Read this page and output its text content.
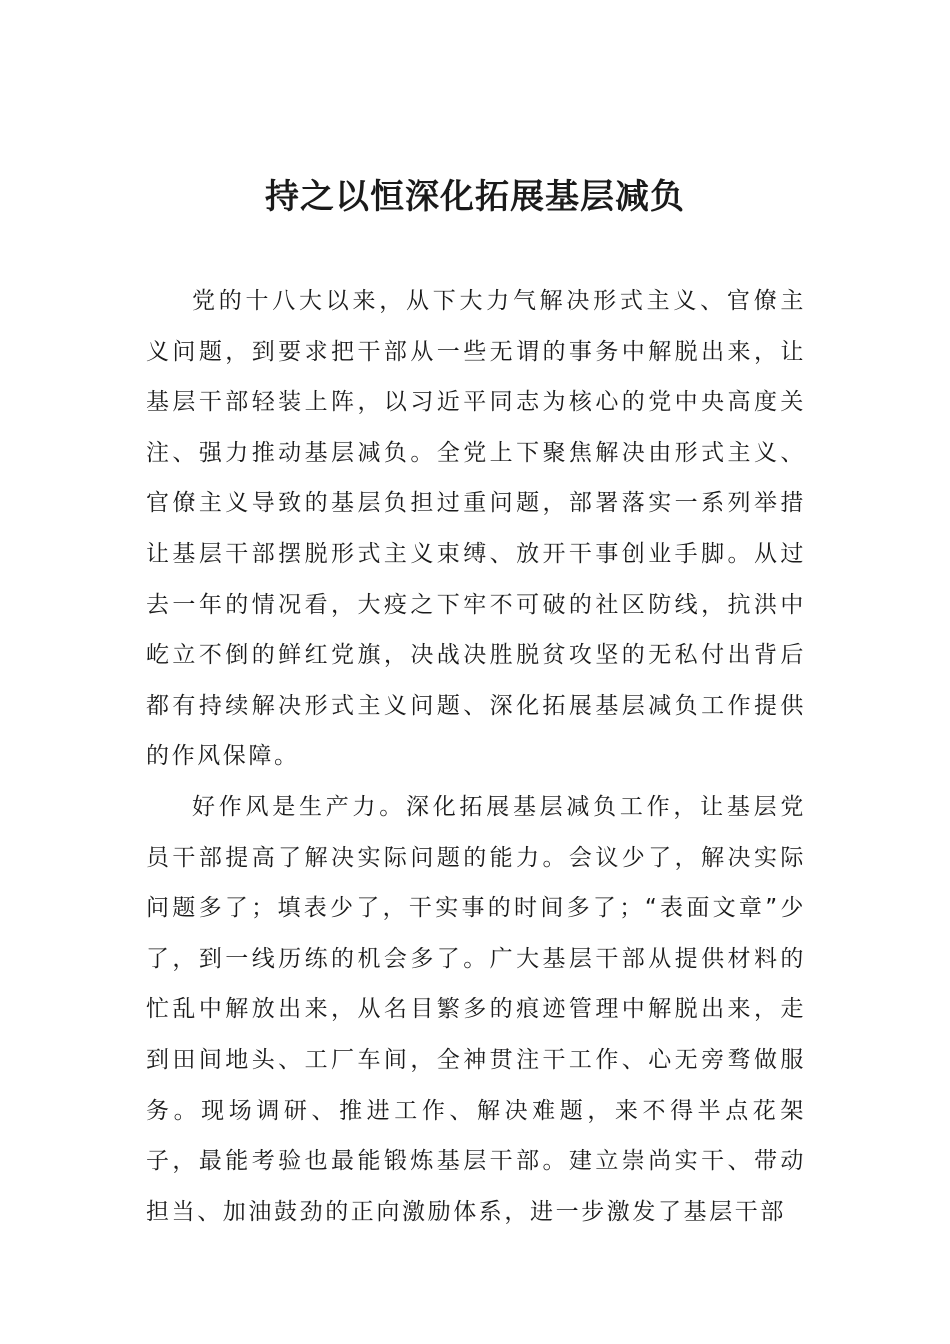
持之以恒深化拓展基层减负

党的十八大以来，从下大力气解决形式主义、官僚主义问题，到要求把干部从一些无谓的事务中解脱出来，让基层干部轻装上阵，以习近平同志为核心的党中央高度关注、强力推动基层减负。全党上下聚焦解决由形式主义、官僚主义导致的基层负担过重问题，部署落实一系列举措让基层干部摆脱形式主义束缚、放开干事创业手脚。从过去一年的情况看，大疫之下牢不可破的社区防线，抗洪中屹立不倒的鲜红党旗，决战决胜脱贫攻坚的无私付出背后都有持续解决形式主义问题、深化拓展基层减负工作提供的作风保障。

好作风是生产力。深化拓展基层减负工作，让基层党员干部提高了解决实际问题的能力。会议少了，解决实际问题多了；填表少了，干实事的时间多了；“表面文章”少了，到一线历练的机会多了。广大基层干部从提供材料的忙乱中解放出来，从名目繁多的痕迹管理中解脱出来，走到田间地头、工厂车间，全神贯注干工作、心无旁骛做服务。现场调研、推进工作、解决难题，来不得半点花架子，最能考验也最能锻炼基层干部。建立崇尚实干、带动担当、加油鼓劲的正向激励体系，进一步激发了基层干部
